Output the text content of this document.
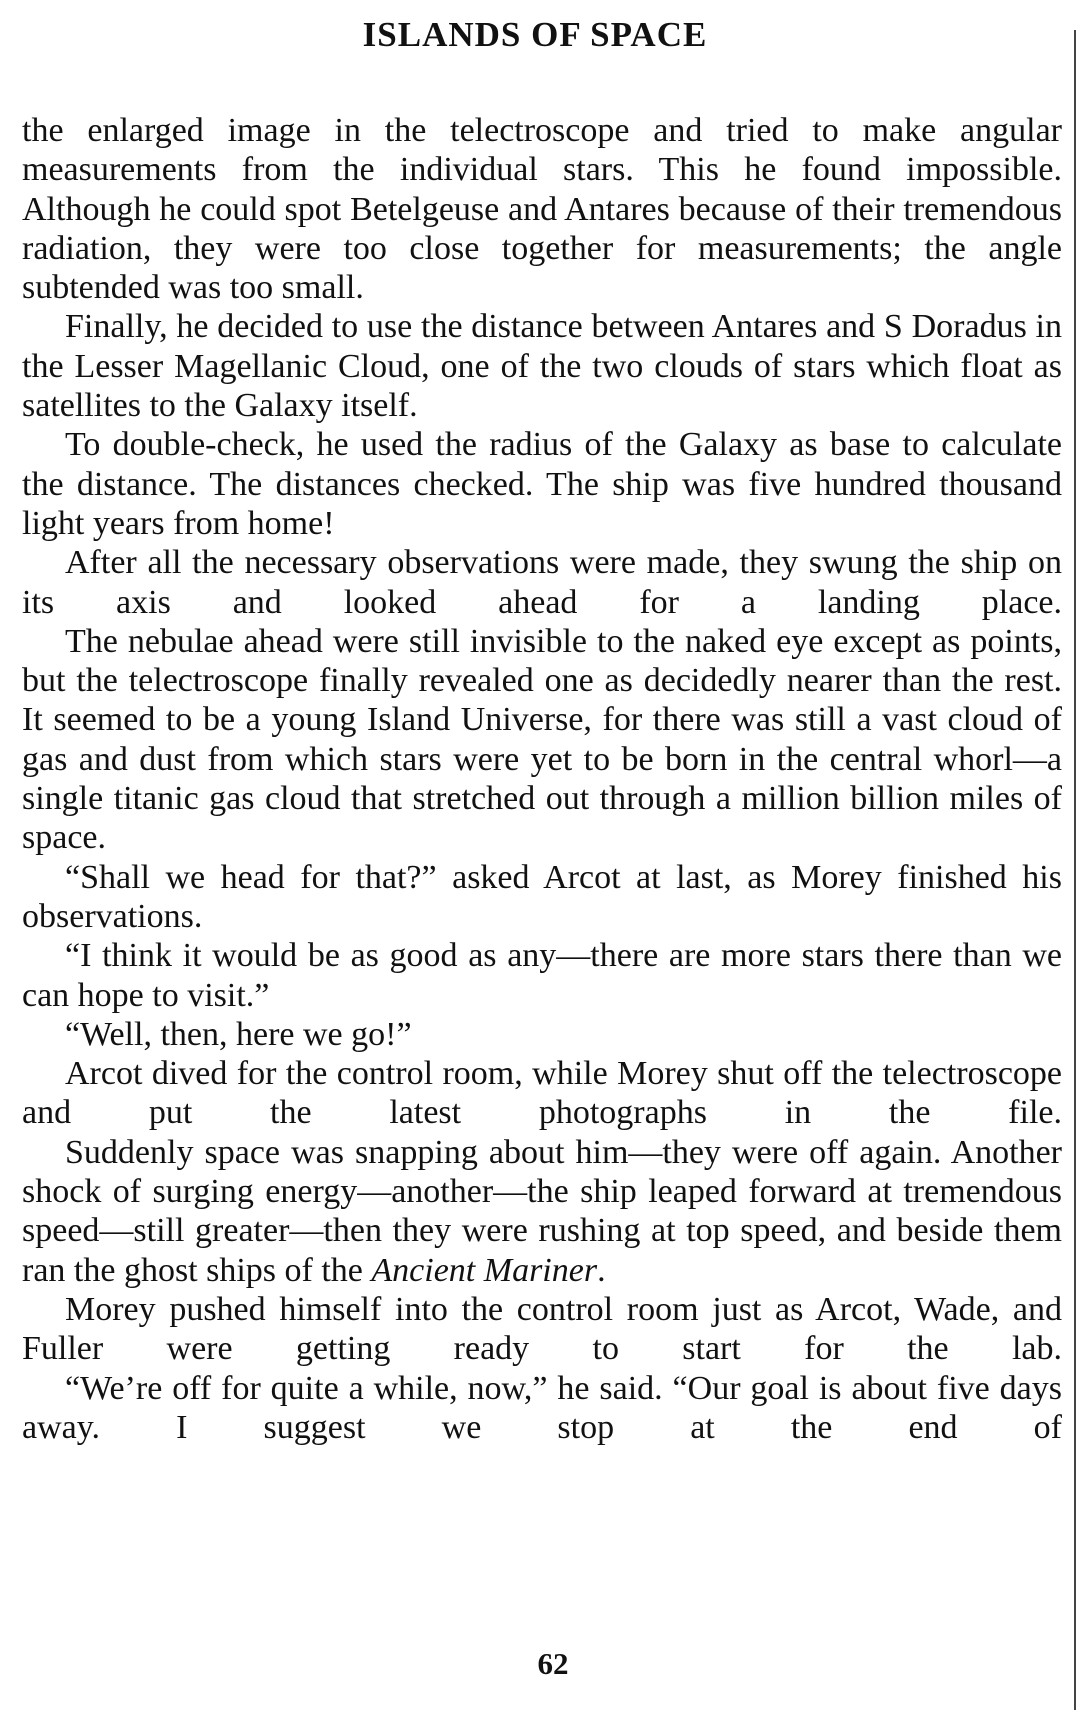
ISLANDS OF SPACE

the enlarged image in the telectroscope and tried to make angular measurements from the individual stars. This he found impossible. Although he could spot Betelgeuse and Antares because of their tremendous radiation, they were too close together for measurements; the angle subtended was too small.

Finally, he decided to use the distance between Antares and S Doradus in the Lesser Magellanic Cloud, one of the two clouds of stars which float as satellites to the Galaxy itself.

To double-check, he used the radius of the Galaxy as base to calculate the distance. The distances checked. The ship was five hundred thousand light years from home!

After all the necessary observations were made, they swung the ship on its axis and looked ahead for a landing place.

The nebulae ahead were still invisible to the naked eye except as points, but the telectroscope finally revealed one as decidedly nearer than the rest. It seemed to be a young Island Universe, for there was still a vast cloud of gas and dust from which stars were yet to be born in the central whorl—a single titanic gas cloud that stretched out through a million billion miles of space.

“Shall we head for that?” asked Arcot at last, as Morey finished his observations.

“I think it would be as good as any—there are more stars there than we can hope to visit.”

“Well, then, here we go!”

Arcot dived for the control room, while Morey shut off the telectroscope and put the latest photographs in the file.

Suddenly space was snapping about him—they were off again. Another shock of surging energy—another—the ship leaped forward at tremendous speed—still greater—then they were rushing at top speed, and beside them ran the ghost ships of the Ancient Mariner.

Morey pushed himself into the control room just as Arcot, Wade, and Fuller were getting ready to start for the lab.

“We’re off for quite a while, now,” he said. “Our goal is about five days away. I suggest we stop at the end of

62
